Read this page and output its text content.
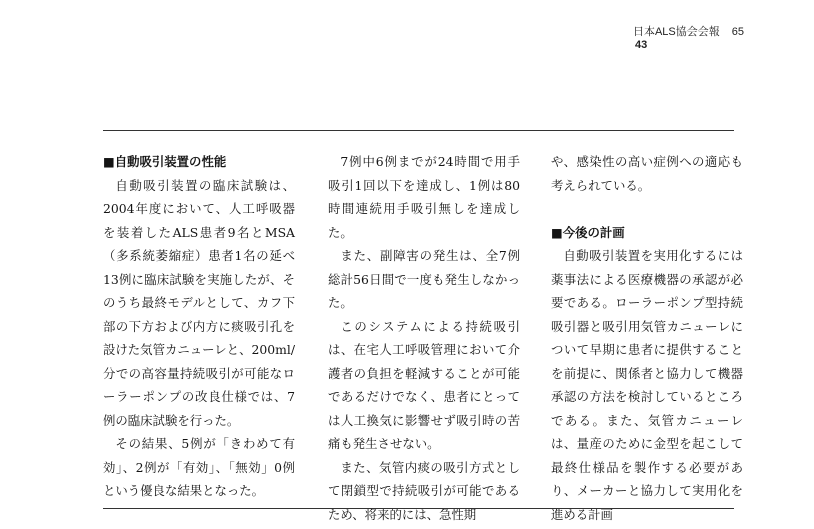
日本ALS協会会報 65
43

■自動吸引装置の性能

自動吸引装置の臨床試験は、2004年度において、人工呼吸器を装着したALS患者9名とMSA（多系統萎縮症）患者1名の延べ13例に臨床試験を実施したが、そのうち最終モデルとして、カフ下部の下方および内方に痰吸引孔を設けた気管カニューレと、200ml/分での高容量持続吸引が可能なローラーポンプの改良仕様では、7例の臨床試験を行った。

その結果、5例が「きわめて有効」、2例が「有効」、「無効」0例という優良な結果となった。

7例中6例までが24時間で用手吸引1回以下を達成し、1例は80時間連続用手吸引無しを達成した。

また、副障害の発生は、全7例総計56日間で一度も発生しなかった。

このシステムによる持続吸引は、在宅人工呼吸管理において介護者の負担を軽減することが可能であるだけでなく、患者にとっては人工換気に影響せず吸引時の苦痛も発生させない。

また、気管内痰の吸引方式として閉鎖型で持続吸引が可能であるため、将来的には、急性期

や、感染性の高い症例への適応も考えられている。

■今後の計画

自動吸引装置を実用化するには薬事法による医療機器の承認が必要である。ローラーポンプ型持続吸引器と吸引用気管カニューレについて早期に患者に提供することを前提に、関係者と協力して機器承認の方法を検討しているところである。また、気管カニューレは、量産のために金型を起こして最終仕様品を製作する必要があり、メーカーと協力して実用化を進める計画
